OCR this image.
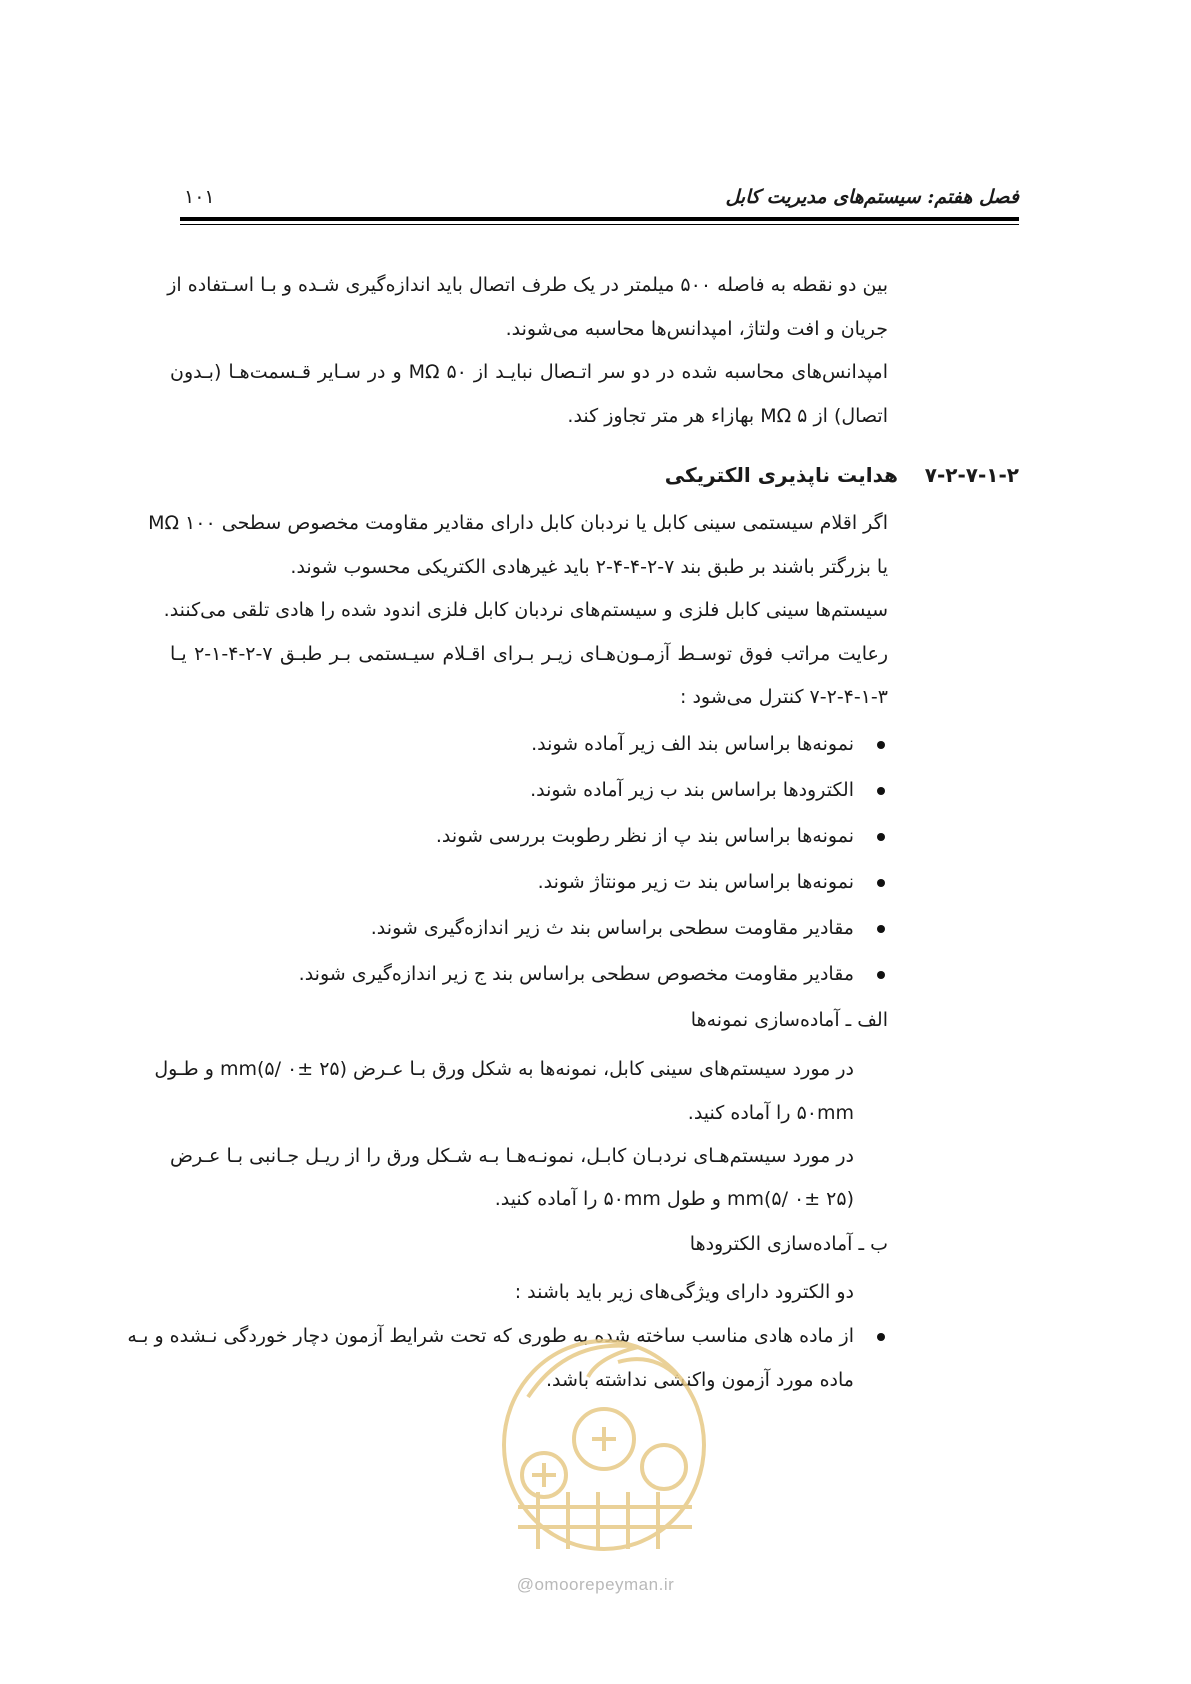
فصل هفتم: سیستم‌های مدیریت کابل
۱۰۱
بین دو نقطه به فاصله ۵۰۰ میلمتر در یک طرف اتصال باید اندازه‌گیری شـده و بـا اسـتفاده از
جریان و افت ولتاژ، امپدانس‌ها محاسبه می‌شوند.
امپدانس‌های محاسبه شده در دو سر اتـصال نبایـد از MΩ ۵۰ و در سـایر قـسمت‌هـا (بـدون
اتصال) از MΩ ۵ بهازاء هر متر تجاوز کند.
۷-۲-۷-۱-۲
هدایت ناپذیری الکتریکی
اگر اقلام سیستمی سینی کابل یا نردبان کابل دارای مقادیر مقاومت مخصوص سطحی MΩ ۱۰۰
یا بزرگتر باشند بر طبق بند ۷-۲-۴-۴-۲ باید غیرهادی الکتریکی محسوب شوند.
سیستم‌ها سینی کابل فلزی و سیستم‌های نردبان کابل فلزی اندود شده را هادی تلقی می‌کنند.
رعایت مراتب فوق توسـط آزمـون‌هـای زیـر بـرای اقـلام سیـستمی بـر طبـق ۷-۲-۴-۱-۲ یـا
۷-۲-۴-۱-۳ کنترل می‌شود :
نمونه‌ها براساس بند الف زیر آماده شوند.
الکترودها براساس بند ب زیر آماده شوند.
نمونه‌ها براساس بند پ از نظر رطوبت بررسی شوند.
نمونه‌ها براساس بند ت زیر مونتاژ شوند.
مقادیر مقاومت سطحی براساس بند ث زیر اندازه‌گیری شوند.
مقادیر مقاومت مخصوص سطحی براساس بند ج زیر اندازه‌گیری شوند.
الف ـ آماده‌سازی نمونه‌ها
در مورد سیستم‌های سینی کابل، نمونه‌ها به شکل ورق بـا عـرض mm(۵/ ۰± ۲۵) و طـول
۵۰mm را آماده کنید.
در مورد سیستم‌هـای نردبـان کابـل، نمونـه‌هـا بـه شـکل ورق را از ریـل جـانبی بـا عـرض
mm(۵/ ۰± ۲۵) و طول ۵۰mm را آماده کنید.
ب ـ آماده‌سازی الکترودها
دو الکترود دارای ویژگی‌های زیر باید باشند :
از ماده هادی مناسب ساخته شده به طوری که تحت شرایط آزمون دچار خوردگی نـشده و بـه
ماده مورد آزمون واکنشی نداشته باشد.
@omoorepeyman.ir
